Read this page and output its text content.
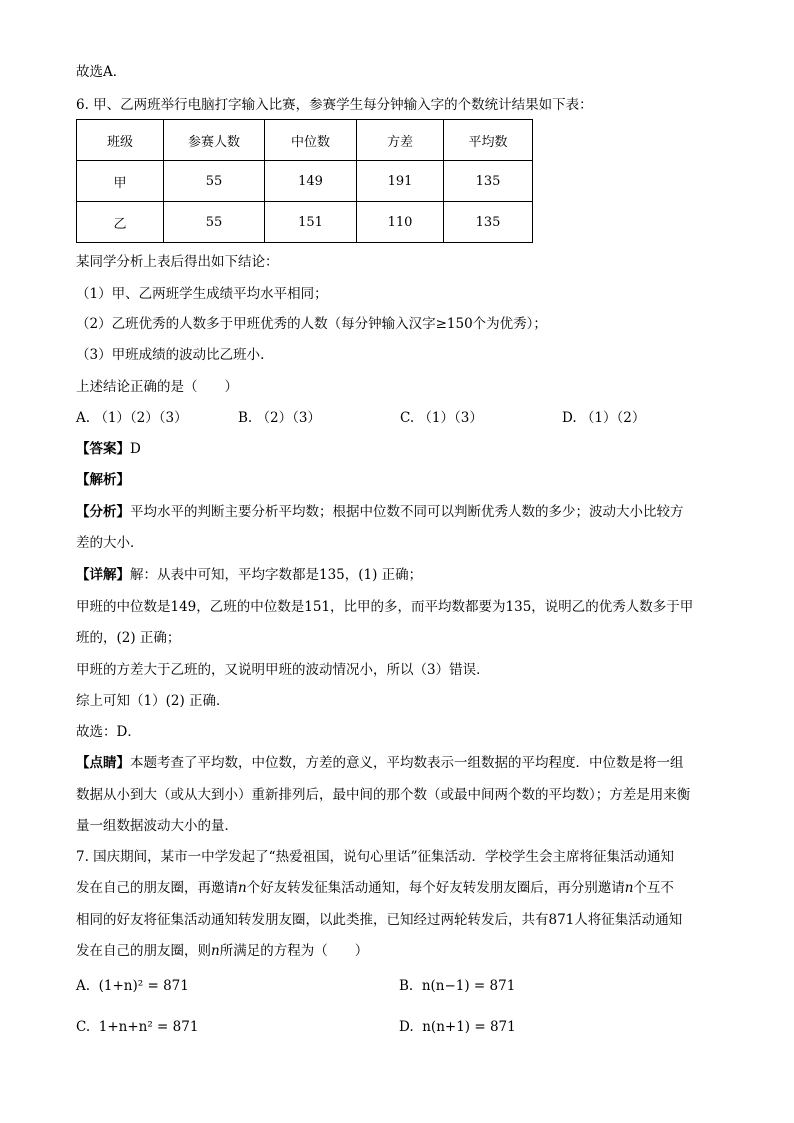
故选A．
6. 甲、乙两班举行电脑打字输入比赛，参赛学生每分钟输入字的个数统计结果如下表：
班级	参赛人数	中位数	方差	平均数
甲	55	149	191	135
乙	55	151	110	135
某同学分析上表后得出如下结论：
（1）甲、乙两班学生成绩平均水平相同；
（2）乙班优秀的人数多于甲班优秀的人数（每分钟输入汉字≥150个为优秀）；
（3）甲班成绩的波动比乙班小.
上述结论正确的是（　　）
A. （1）（2）（3）	B. （2）（3）	C. （1）（3）	D. （1）（2）
【答案】D
【解析】
【分析】平均水平的判断主要分析平均数；根据中位数不同可以判断优秀人数的多少；波动大小比较方
差的大小．
【详解】解：从表中可知，平均字数都是135，(1) 正确；
甲班的中位数是149，乙班的中位数是151，比甲的多，而平均数都要为135，说明乙的优秀人数多于甲
班的，(2) 正确；
甲班的方差大于乙班的，又说明甲班的波动情况小，所以（3）错误．
综上可知（1）(2) 正确．
故选：D．
【点睛】本题考查了平均数，中位数，方差的意义，平均数表示一组数据的平均程度．中位数是将一组
数据从小到大（或从大到小）重新排列后，最中间的那个数（或最中间两个数的平均数）；方差是用来衡
量一组数据波动大小的量．
7. 国庆期间，某市一中学发起了“热爱祖国，说句心里话”征集活动．学校学生会主席将征集活动通知
发在自己的朋友圈，再邀请n个好友转发征集活动通知，每个好友转发朋友圈后，再分别邀请n个互不
相同的好友将征集活动通知转发朋友圈，以此类推，已知经过两轮转发后，共有871人将征集活动通知
发在自己的朋友圈，则n所满足的方程为（　　）
A. (1+n)² = 871	B. n(n−1) = 871
C. 1+n+n² = 871	D. n(n+1) = 871
